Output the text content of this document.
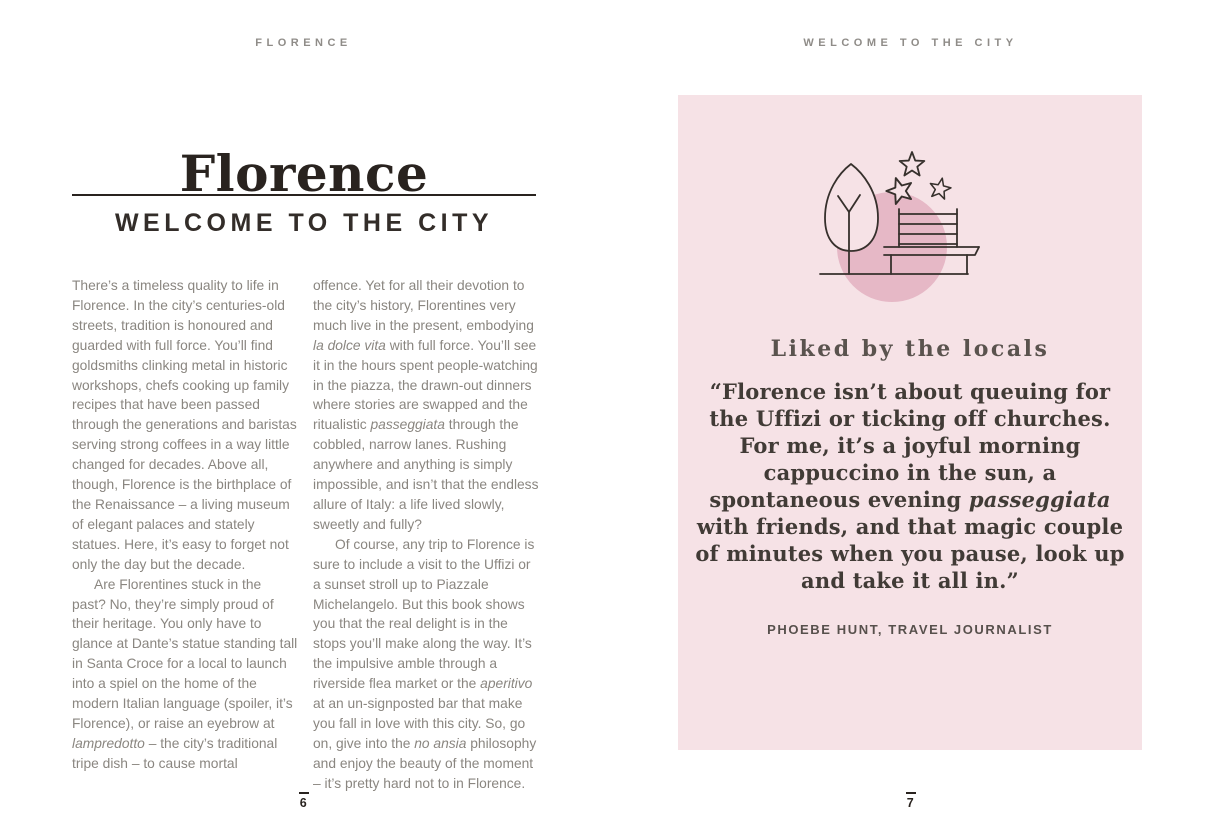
FLORENCE
Florence
WELCOME TO THE CITY

There’s a timeless quality to life in Florence. In the city’s centuries-old streets, tradition is honoured and guarded with full force. You’ll find goldsmiths clinking metal in historic workshops, chefs cooking up family recipes that have been passed through the generations and baristas serving strong coffees in a way little changed for decades. Above all, though, Florence is the birthplace of the Renaissance – a living museum of elegant palaces and stately statues. Here, it’s easy to forget not only the day but the decade.

Are Florentines stuck in the past? No, they’re simply proud of their heritage. You only have to glance at Dante’s statue standing tall in Santa Croce for a local to launch into a spiel on the home of the modern Italian language (spoiler, it’s Florence), or raise an eyebrow at lampredotto – the city’s traditional tripe dish – to cause mortal

offence. Yet for all their devotion to the city’s history, Florentines very much live in the present, embodying la dolce vita with full force. You’ll see it in the hours spent people-watching in the piazza, the drawn-out dinners where stories are swapped and the ritualistic passeggiata through the cobbled, narrow lanes. Rushing anywhere and anything is simply impossible, and isn’t that the endless allure of Italy: a life lived slowly, sweetly and fully?

Of course, any trip to Florence is sure to include a visit to the Uffizi or a sunset stroll up to Piazzale Michelangelo. But this book shows you that the real delight is in the stops you’ll make along the way. It’s the impulsive amble through a riverside flea market or the aperitivo at an un-signposted bar that make you fall in love with this city. So, go on, give into the no ansia philosophy and enjoy the beauty of the moment – it’s pretty hard not to in Florence.

6
WELCOME TO THE CITY
Liked by the locals
“Florence isn’t about queuing for the Uffizi or ticking off churches. For me, it’s a joyful morning cappuccino in the sun, a spontaneous evening passeggiata with friends, and that magic couple of minutes when you pause, look up and take it all in.”
PHOEBE HUNT, TRAVEL JOURNALIST
7
